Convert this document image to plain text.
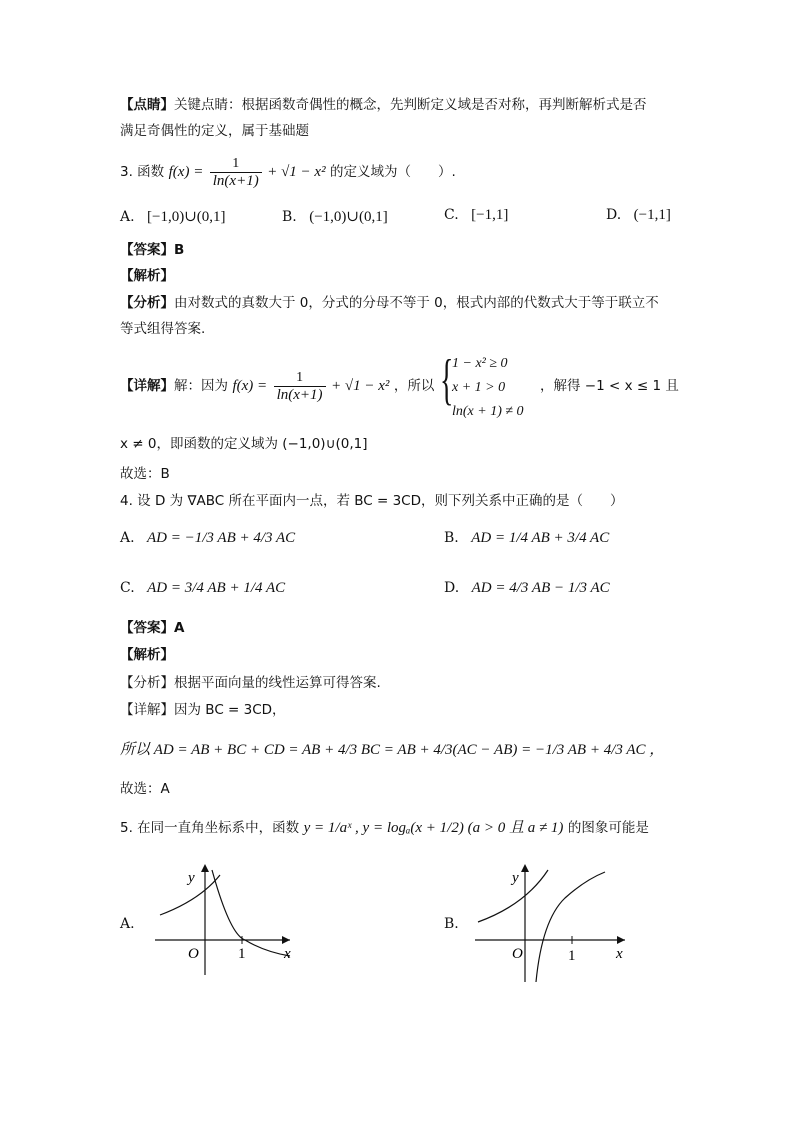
【点睛】关键点睛：根据函数奇偶性的概念，先判断定义域是否对称，再判断解析式是否
满足奇偶性的定义，属于基础题
3. 函数 $f(x) = \frac{1}{\ln(x+1)} + √1 - x^2$ 的定义域为（　　）.
A. [−1,0)∪(0,1]	B. (−1,0)∪(0,1]	C. [−1,1]	D. (−1,1]
【答案】B
【解析】
【分析】由对数式的真数大于 0，分式的分母不等于 0，根式内部的代数式大于等于联立不
等式组得答案.
【详解】解：因为 $f(x) = \frac{1}{\ln(x+1)} + √1 - x^2$ ，所以 {
1 − x² ≥ 0
x + 1 > 0
ln(x + 1) ≠ 0
，解得 −1 < x ≤ 1 且
x ≠ 0，即函数的定义域为 (−1,0)∪(0,1]
故选：B
4. 设 D 为 ∇ABC 所在平面内一点，若 BC = 3CD，则下列关系中正确的是（　　）
A. AD = −1/3 AB + 4/3 AC	B. AD = 1/4 AB + 3/4 AC
C. AD = 3/4 AB + 1/4 AC	D. AD = 4/3 AB − 1/3 AC
【答案】A
【解析】
【分析】根据平面向量的线性运算可得答案.
【详解】因为 BC = 3CD，
所以 AD = AB + BC + CD = AB + 4/3 BC = AB + 4/3(AC − AB) = −1/3 AB + 4/3 AC ，
故选：A
5. 在同一直角坐标系中，函数 y = 1/aˣ , y = logₐ(x + 1/2) (a > 0 且 a ≠ 1) 的图象可能是
A.
1
O	x
y
B.
1
O	x
y
